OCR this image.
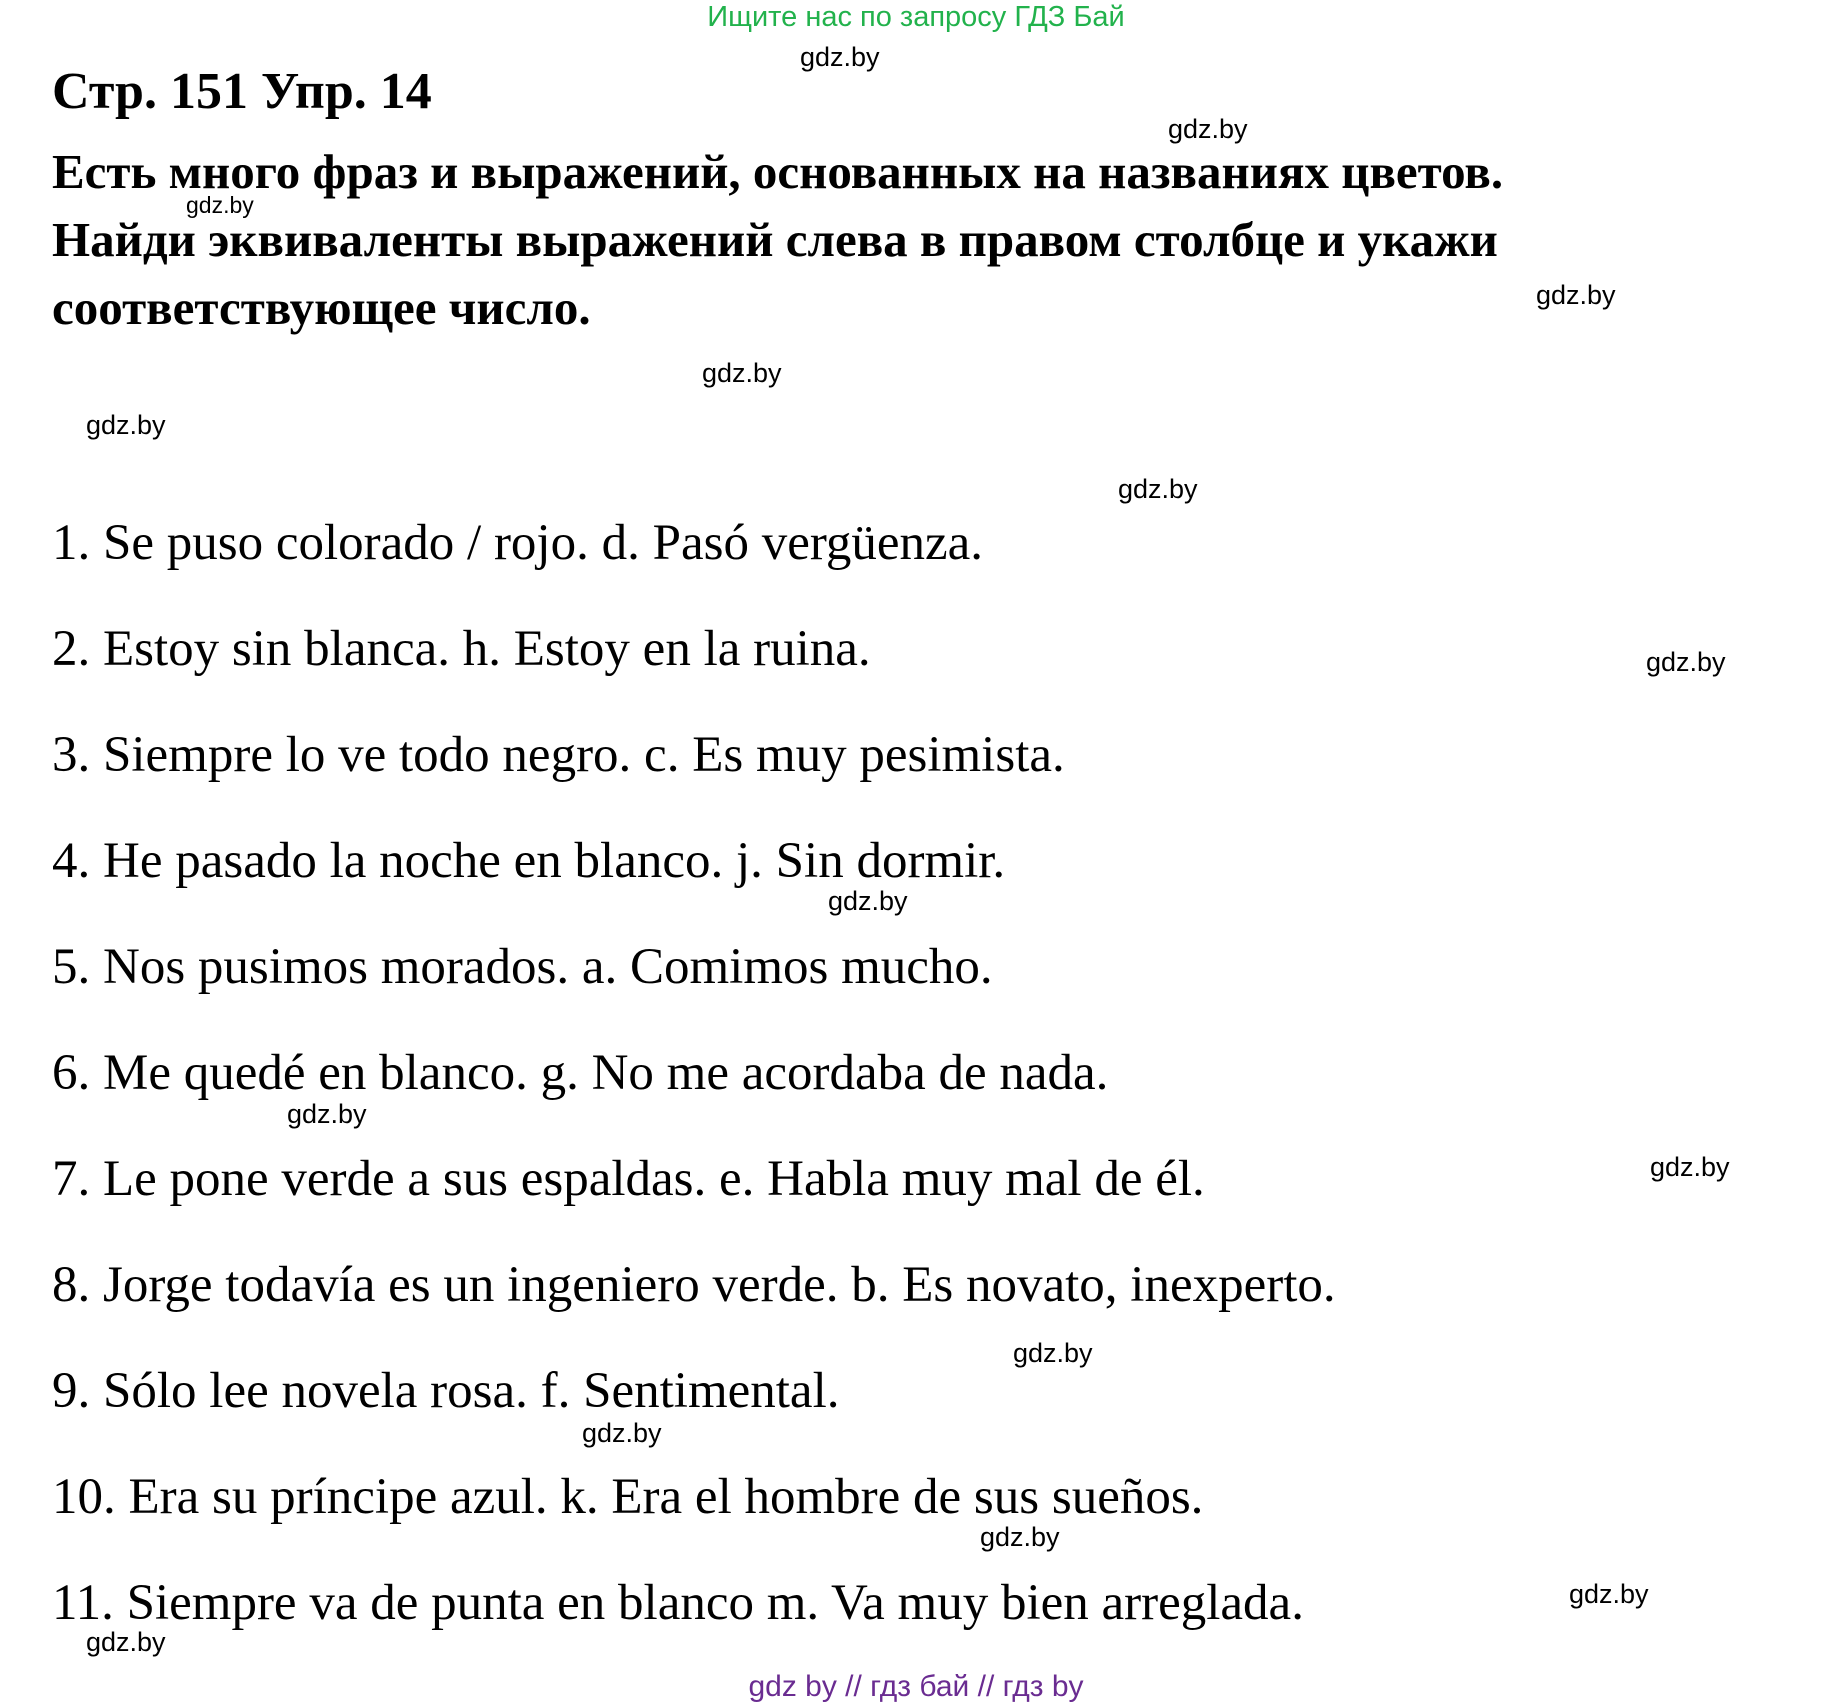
Ищите нас по запросу ГДЗ Бай
Стр. 151 Упр. 14
Есть много фраз и выражений, основанных на названиях цветов.
Найди эквиваленты выражений слева в правом столбце и укажи
соответствующее число.
1. Se puso colorado / rojo. d. Pasó vergüenza.
2. Estoy sin blanca. h. Estoy en la ruina.
3. Siempre lo ve todo negro. c. Es muy pesimista.
4. He pasado la noche en blanco. j. Sin dormir.
5. Nos pusimos morados. a. Comimos mucho.
6. Me quedé en blanco. g. No me acordaba de nada.
7. Le pone verde a sus espaldas. e. Habla muy mal de él.
8. Jorge todavía es un ingeniero verde. b. Es novato, inexperto.
9. Sólo lee novela rosa. f. Sentimental.
10. Era su príncipe azul. k. Era el hombre de sus sueños.
11. Siempre va de punta en blanco m. Va muy bien arreglada.
gdz.by
gdz.by
gdz.by
gdz.by
gdz.by
gdz.by
gdz.by
gdz.by
gdz.by
gdz.by
gdz.by
gdz.by
gdz.by
gdz.by
gdz.by
gdz.by
gdz by // гдз бай // гдз by
